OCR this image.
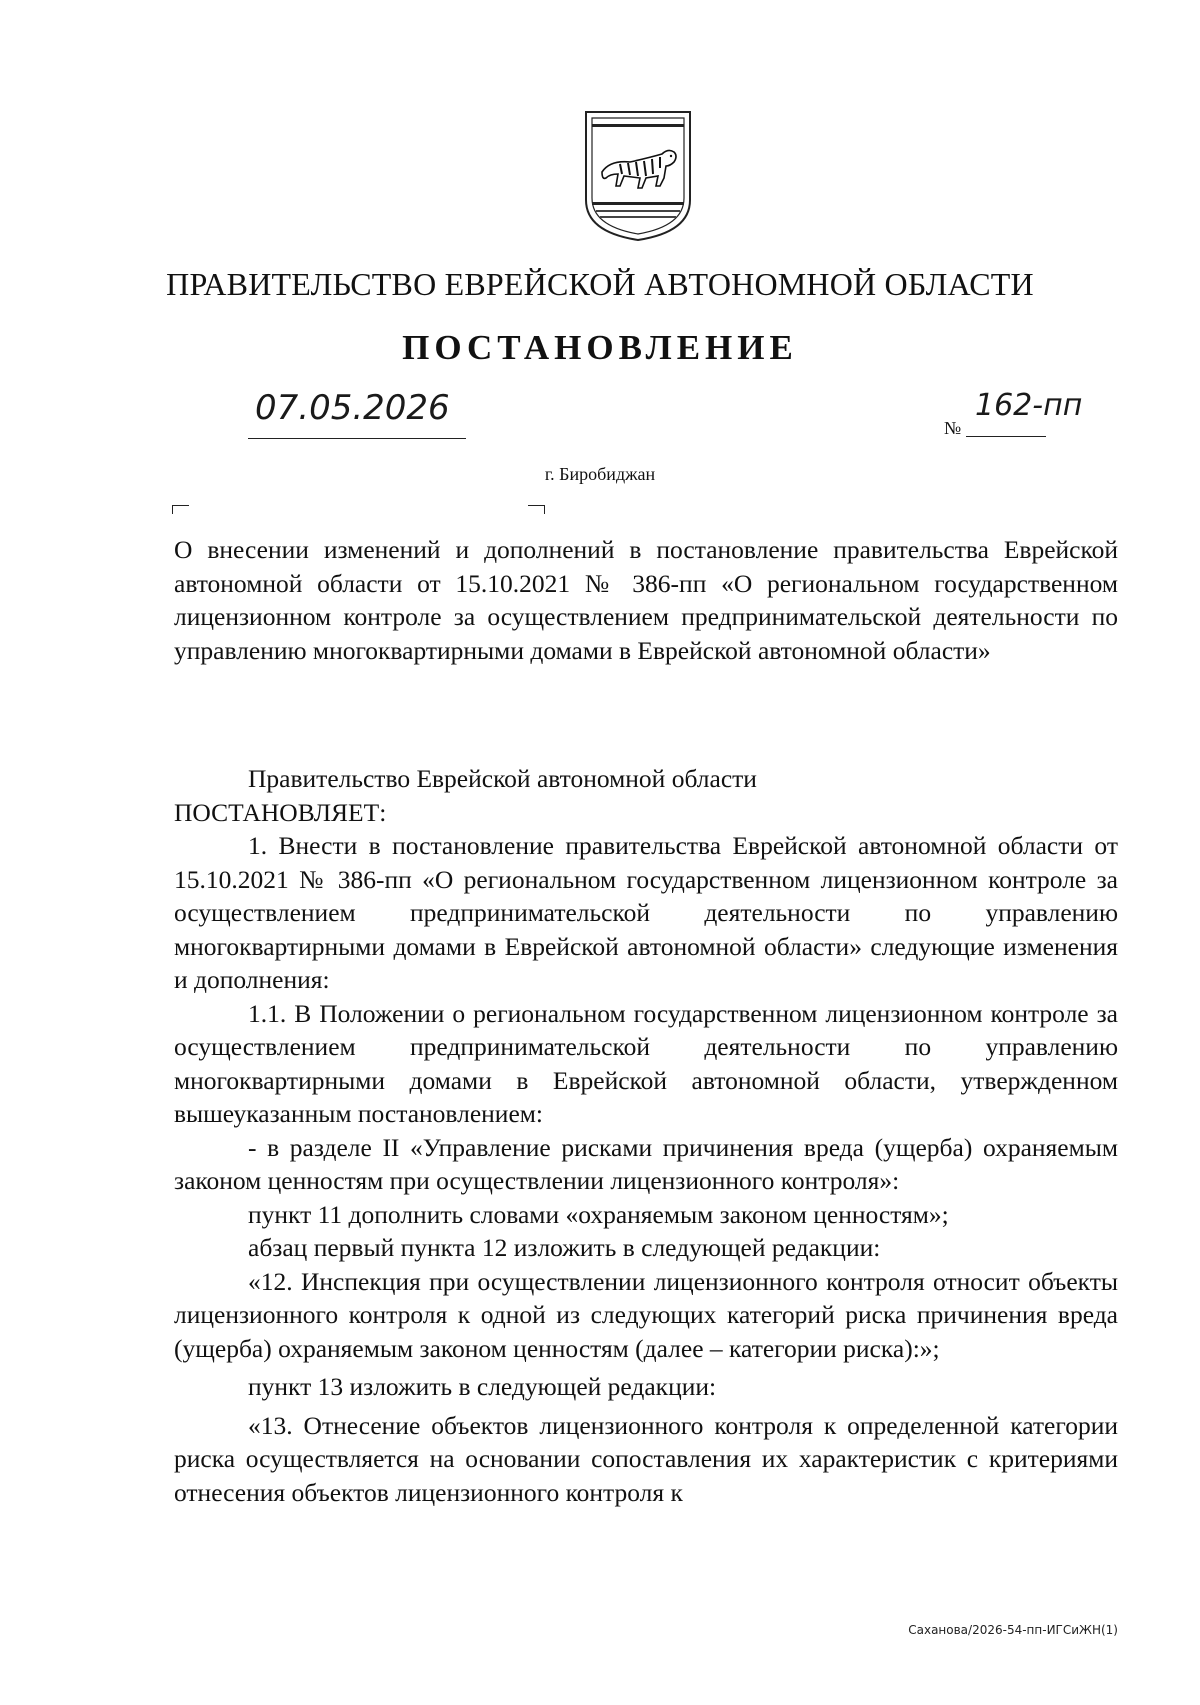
ПРАВИТЕЛЬСТВО ЕВРЕЙСКОЙ АВТОНОМНОЙ ОБЛАСТИ
ПОСТАНОВЛЕНИЕ
07.05.2026	№
162-пп
г. Биробиджан
О внесении изменений и дополнений в постановление правительства Еврейской автономной области от 15.10.2021 № 386-пп «О региональном государственном лицензионном контроле за осуществлением предпринимательской деятельности по управлению многоквартирными домами в Еврейской автономной области»

Правительство Еврейской автономной области

ПОСТАНОВЛЯЕТ:

1. Внести в постановление правительства Еврейской автономной области от 15.10.2021 № 386-пп «О региональном государственном лицензионном контроле за осуществлением предпринимательской деятельности по управлению многоквартирными домами в Еврейской автономной области» следующие изменения и дополнения:

1.1. В Положении о региональном государственном лицензионном контроле за осуществлением предпринимательской деятельности по управлению многоквартирными домами в Еврейской автономной области, утвержденном вышеуказанным постановлением:

- в разделе II «Управление рисками причинения вреда (ущерба) охраняемым законом ценностям при осуществлении лицензионного контроля»:

пункт 11 дополнить словами «охраняемым законом ценностям»;

абзац первый пункта 12 изложить в следующей редакции:

«12. Инспекция при осуществлении лицензионного контроля относит объекты лицензионного контроля к одной из следующих категорий риска причинения вреда (ущерба) охраняемым законом ценностям (далее – категории риска):»;

пункт 13 изложить в следующей редакции:

«13. Отнесение объектов лицензионного контроля к определенной категории риска осуществляется на основании сопоставления их характеристик с критериями отнесения объектов лицензионного контроля к

Саханова/2026-54-пп-ИГСиЖН(1)
